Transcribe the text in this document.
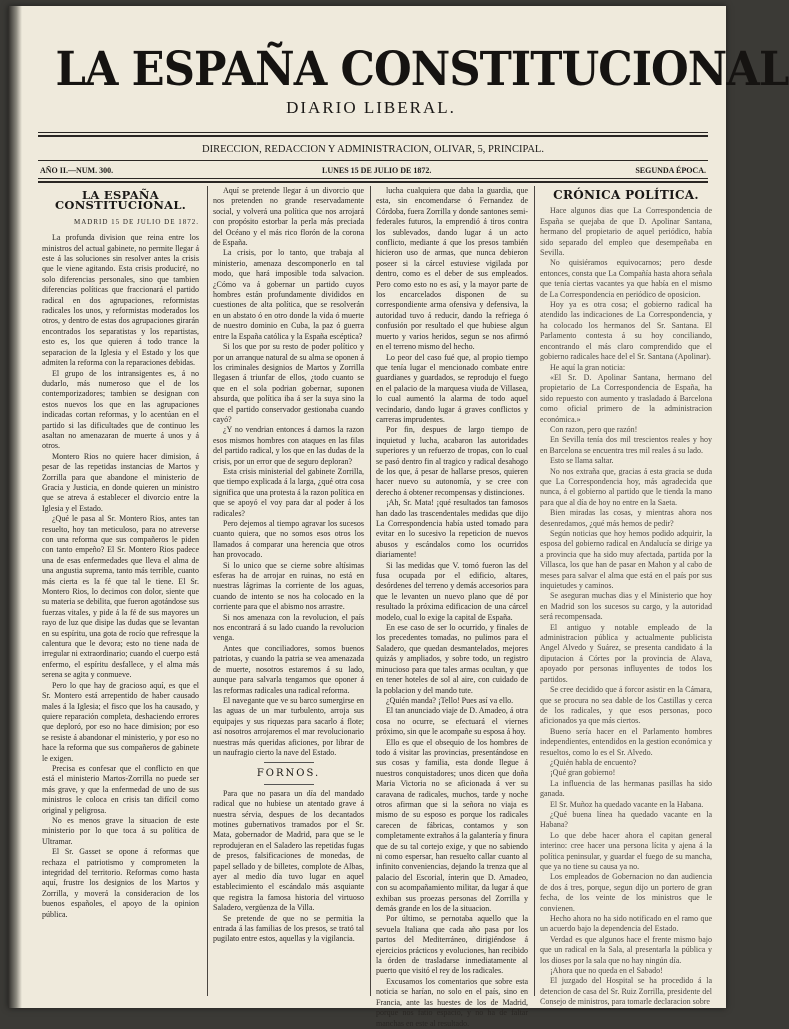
LA ESPAÑA CONSTITUCIONAL
DIARIO LIBERAL.
DIRECCION, REDACCION Y ADMINISTRACION, OLIVAR, 5, PRINCIPAL.
AÑO II.—NUM. 300.	LUNES 15 DE JULIO DE 1872.	SEGUNDA ÉPOCA.
LA ESPAÑA CONSTITUCIONAL.
MADRID 15 DE JULIO DE 1872.

La profunda division que reina entre los ministros del actual gabinete, no permite llegar á este á las soluciones sin resolver antes la crisis que le viene agitando. Esta crisis produciré, no solo diferencias personales, sino que tambien diferencias políticas que fraccionará el partido radical en dos agrupaciones, reformistas radicales los unos, y reformistas moderados los otros, y dentro de estas dos agrupaciones girarán encontrados los separatistas y los repartistas, esto es, los que quieren á todo trance la separacion de la Iglesia y el Estado y los que admiten la reforma con la reparaciones debidas.

El grupo de los intransigentes es, á no dudarlo, más numeroso que el de los contemporizadores; tambien se designan con estos nuevos los que en las agrupaciones indicadas cortan reformas, y lo acentúan en el partido si las dificultades que de continuo les asaltan no amenazaran de muerte á unos y á otros.

Montero Rios no quiere hacer dimision, á pesar de las repetidas instancias de Martos y Zorrilla para que abandone el ministerio de Gracia y Justicia, en donde quieren un ministro que se atreva á establecer el divorcio entre la Iglesia y el Estado.

¿Qué le pasa al Sr. Montero Rios, antes tan resuelto, hoy tan meticuloso, para no atreverse con una reforma que sus compañeros le piden con tanto empeño? El Sr. Montero Rios padece una de esas enfermedades que lleva el alma de una angustia suprema, tanto más terrible, cuanto más cierta es la fé que tal le tiene. El Sr. Montero Rios, lo decimos con dolor, siente que su materia se debilita, que fueron agotándose sus fuerzas vitales, y pide á la fé de sus mayores un rayo de luz que disipe las dudas que se levantan en su espíritu, una gota de rocío que refresque la calentura que le devora; esto no tiene nada de irregular ni extraordinario; cuando el cuerpo está enfermo, el espíritu desfallece, y el alma más serena se agita y conmueve.

Pero lo que hay de gracioso aquí, es que el Sr. Montero está arrepentido de haber causado males á la Iglesia; el fisco que los ha causado, y quiere reparación completa, deshaciendo errores que deploró, por eso no hace dimision; por eso se resiste á abandonar el ministerio, y por eso no hace la reforma que sus compañeros de gabinete le exigen.

Precisa es confesar que el conflicto en que está el ministerio Martos-Zorrilla no puede ser más grave, y que la enfermedad de uno de sus ministros le coloca en crisis tan difícil como original y peligrosa.

No es menos grave la situacion de este ministerio por lo que toca á su política de Ultramar.

El Sr. Gasset se opone á reformas que rechaza el patriotismo y comprometen la integridad del territorio. Reformas como hasta aquí, frustre los designios de los Martos y Zorrilla, y moverá la consideracion de los buenos españoles, el apoyo de la opinion pública.

Aquí se pretende llegar á un divorcio que nos pretenden no grande reservadamente social, y volverá una política que nos arrojará con propósito estorbar la perla más preciada del Océano y el más rico florón de la corona de España.

La crisis, por lo tanto, que trabaja al ministerio, amenaza descomponerlo en tal modo, que hará imposible toda salvacion. ¿Cómo va á gobernar un partido cuyos hombres están profundamente divididos en cuestiones de alta política, que se resolverán en un abstato ó en otro donde la vida ó muerte de nuestro dominio en Cuba, la paz ó guerra entre la España católica y la España escéptica?

Si los que por su resto de poder político y por un arranque natural de su alma se oponen á los criminales designios de Martos y Zorrilla llegasen á triunfar de ellos, ¿todo cuanto se que en el sola podrian gobernar, suponen absurda, que política iba á ser la suya sino la que el partido conservador gestionaba cuando cayó?

¿Y no vendrian entonces á darnos la razon esos mismos hombres con ataques en las filas del partido radical, y los que en las dudas de la crisis, por un error que de seguro deploran?

Esta crisis ministerial del gabinete Zorrilla, que tiempo explicada á la larga, ¿qué otra cosa significa que una protesta á la razon política en que se apoyó el voy para dar al poder á los radicales?

Pero dejemos al tiempo agravar los sucesos cuanto quiera, que no somos esos otros los llamados á comparar una herencia que otros han provocado.

Si lo unico que se cierne sobre altísimas esferas ha de arrojar en ruinas, no está en nuestras lágrimas la corriente de los aguas, cuando de intento se nos ha colocado en la corriente para que el abismo nos arrastre.

Si nos amenaza con la revolucion, el país nos encontrará á su lado cuando la revolucion venga.

Antes que conciliadores, somos buenos patriotas, y cuando la patria se vea amenazada de muerte, nosotros estaremos á su lado, aunque para salvarla tengamos que oponer á las reformas radicales una radical reforma.

El navegante que ve su barco sumergirse en las aguas de un mar turbulento, arroja sus equipajes y sus riquezas para sacarlo á flote; así nosotros arrojaremos el mar revolucionario nuestras más queridas aficiones, por librar de un naufragio cierto la nave del Estado.

FORNOS.

Para que no pasara un día del mandado radical que no hubiese un atentado grave á nuestra sérvia, despues de los decantados motines gubernativos tramados por el Sr. Mata, gobernador de Madrid, para que se le reprodujeran en el Saladero las repetidas fugas de presos, falsificaciones de monedas, de papel sellado y de billetes, complote de Albas, ayer al medio día tuvo lugar en aquel establecimiento el escándalo más asquiante que registra la famosa historia del virtuoso Saladero, vergüenza de la Villa.

Se pretende de que no se permitia la entrada á las familias de los presos, se trató tal pugilato entre estos, aquellas y la vigilancia.

lucha cualquiera que daba la guardia, que esta, sin encomendarse ó Fernandez de Córdoba, fuera Zorrilla y donde santones semi-federales futuros, la emprendió á tiros contra los sublevados, dando lugar á un acto conflicto, mediante á que los presos también hicieron uso de armas, que nunca debieron poseer si la cárcel estuviese vigilada por dentro, como es el deber de sus empleados. Pero como esto no es así, y la mayor parte de los encarcelados disponen de su correspondiente arma ofensiva y defensiva, la autoridad tuvo á reducir, dando la refriega ó confusión por resultado el que hubiese algun muerto y varios heridos, segun se nos afirmó en el terreno mismo del hecho.

Lo peor del caso fué que, al propio tiempo que tenía lugar el mencionado combate entre guardianes y guardados, se reprodujo el fuego en el palacio de la marquesa viuda de Villasea, lo cual aumentó la alarma de todo aquel vecindario, dando lugar á graves conflictos y carreras imprudentes.

Por fin, despues de largo tiempo de inquietud y lucha, acabaron las autoridades superiores y un refuerzo de tropas, con lo cual se pasó dentro fin al tragico y radical desahogo de los que, á pesar de hallarse presos, quieren hacer nuevo su autonomía, y se cree con derecho á obtener recompensas y distinciones.

¡Ah, Sr. Mata! ¡qué resultados tan famosos han dado las trascendentales medidas que dijo La Correspondencia había usted tomado para evitar en lo sucesivo la repeticion de nuevos abusos y escándalos como los ocurridos diariamente!

Si las medidas que V. tomó fueron las del fusa ocupada por el edificio, altares, desórdenes del terreno y demás accesorios para que le levanten un nuevo plano que dé por resultado la próxima edificacion de una cárcel modelo, cual lo exige la capital de España.

En ese caso de ser lo ocurrido, y finales de los precedentes tomadas, no pulimos para el Saladero, que quedan desmantelados, mejores quizás y ampliados, y sobre todo, un registro minucioso para que tales armas ocultan, y que en tener hoteles de sol al aire, con cuidado de la poblacion y del mando tute.

¿Quién manda? ¡Tello! Pues así va ello.

El tan anunciado viaje de D. Amadeo, á otra cosa no ocurre, se efectuará el viernes próximo, sin que le acompañe su esposa á hoy.

Ello es que el obsequio de los hombres de todo á visitar las provincias, presentándose en sus cosas y familia, esta donde llegue á nuestros conquistadores; unos dicen que doña Maria Victoria no se aficionada á ver su caravana de radicales, muchos, tarde y noche otros afirman que si la señora no viaja es mismo de su esposo es porque los radicales carecen de fábricas, contamos y son completamente extraños á la galantería y finura que de su tal cortejo exige, y que no sabiendo ni como espersar, han resuelto callar cuanto al infinito conveniencias, dejando la trenza que al palacio del Escorial, ínterin que D. Amadeo, con su acompañamiento militar, da lugar á que exhiban sus proezas personas del Zorrilla y demás grande en los de la situacion.

Por último, se pernotaba aquello que la sevuela Italiana que cada año pasa por los partos del Mediterráneo, dirigiéndose á ejercicios prácticos y evoluciones, han recibido la órden de trasladarse inmediatamente al puerto que visitó el rey de los radicales.

Excusamos los comentarios que sobre esta noticia se harían, no solo en el país, sino en Francia, ante las huestes de los de Madrid, porque nos fatio espacio, y no ha de faltar manchas en este al resultado.

CRÓNICA POLÍTICA.

Hace algunos dias que La Correspondencia de España se quejaba de que D. Apolinar Santana, hermano del propietario de aquel periódico, había sido separado del empleo que desempeñaba en Sevilla.

No quisiéramos equivocarnos; pero desde entonces, consta que La Compañía hasta ahora señala que tenía ciertas vacantes ya que había en el mismo de La Correspondencia en periódico de oposicion.

Hoy ya es otra cosa; el gobierno radical ha atendido las indicaciones de La Correspondencia, y ha colocado los hermanos del Sr. Santana. El Parlamento contesta á su hoy conciliando, encontrando el más claro comprendido que el gobierno radicales hace del el Sr. Santana (Apolinar).

He aquí la gran noticia:

«El Sr. D. Apolinar Santana, hermano del propietario de La Correspondencia de España, ha sido repuesto con aumento y trasladado á Barcelona como oficial primero de la administracion económica.»

Con razon, pero que razón!

En Sevilla tenía dos mil trescientos reales y hoy en Barcelona se encuentra tres mil reales á su lado.

Esto se llama saltar.

No nos extraña que, gracias á esta gracia se duda que La Correspondencia hoy, más agradecida que nunca, á el gobierno al partido que le tienda la mano para que al día de hoy no entre en la Saeta.

Bien miradas las cosas, y mientras ahora nos desenredamos, ¿qué más hemos de pedir?

Según noticias que hoy hemos podido adquirir, la esposa del gobierno radical en Andalucía se dirige ya a provincia que ha sido muy afectada, partida por la Villasca, los que han de pasar en Mahon y al cabo de meses para salvar el alma que está en el país por sus inquietudes y caminos.

Se aseguran muchas dias y el Ministerio que hoy en Madrid son los sucesos su cargo, y la autoridad será recompensada.

El antiguo y notable empleado de la administracion pública y actualmente publicista Angel Alvedo y Suárez, se presenta candidato á la diputacion á Córtes por la provincia de Alava, apoyado por personas influyentes de todos los partidos.

Se cree decidido que á forcor asistir en la Cámara, que se procura no sea dable de los Castillas y cerca de los radicales, y que esos personas, poco aficionados ya que más ciertos.

Bueno sería hacer en el Parlamento hombres independientes, entendidos en la gestion económica y resueltos, como lo es el Sr. Alvedo.

¿Quién habla de encuento?

¡Qué gran gobierno!

La influencia de las hermanas pasillas ha sido ganada.

El Sr. Muñoz ha quedado vacante en la Habana.

¿Qué buena línea ha quedado vacante en la Habana?

Lo que debe hacer ahora el capitan general interino: cree hacer una persona lícita y ajena á la política peninsular, y guardar el fuego de su mancha, que ya no tiene su causa ya no.

Los empleados de Gobernacion no dan audiencia de dos á tres, porque, segun dijo un portero de gran fecha, de los veinte de los ministros que le convienen.

Hecho ahora no ha sido notificado en el ramo que un acuerdo bajo la dependencia del Estado.

Verdad es que algunos hace el frente mismo bajo que un radical en la Sala, al presentarla la pública y los dioses por la sala que no hay ningún día.

¡Ahora que no queda en el Sabado!

El juzgado del Hospital se ha procedido á la detencion de casa del Sr. Ruiz Zorrilla, presidente del Consejo de ministros, para tomarle declaracion sobre
